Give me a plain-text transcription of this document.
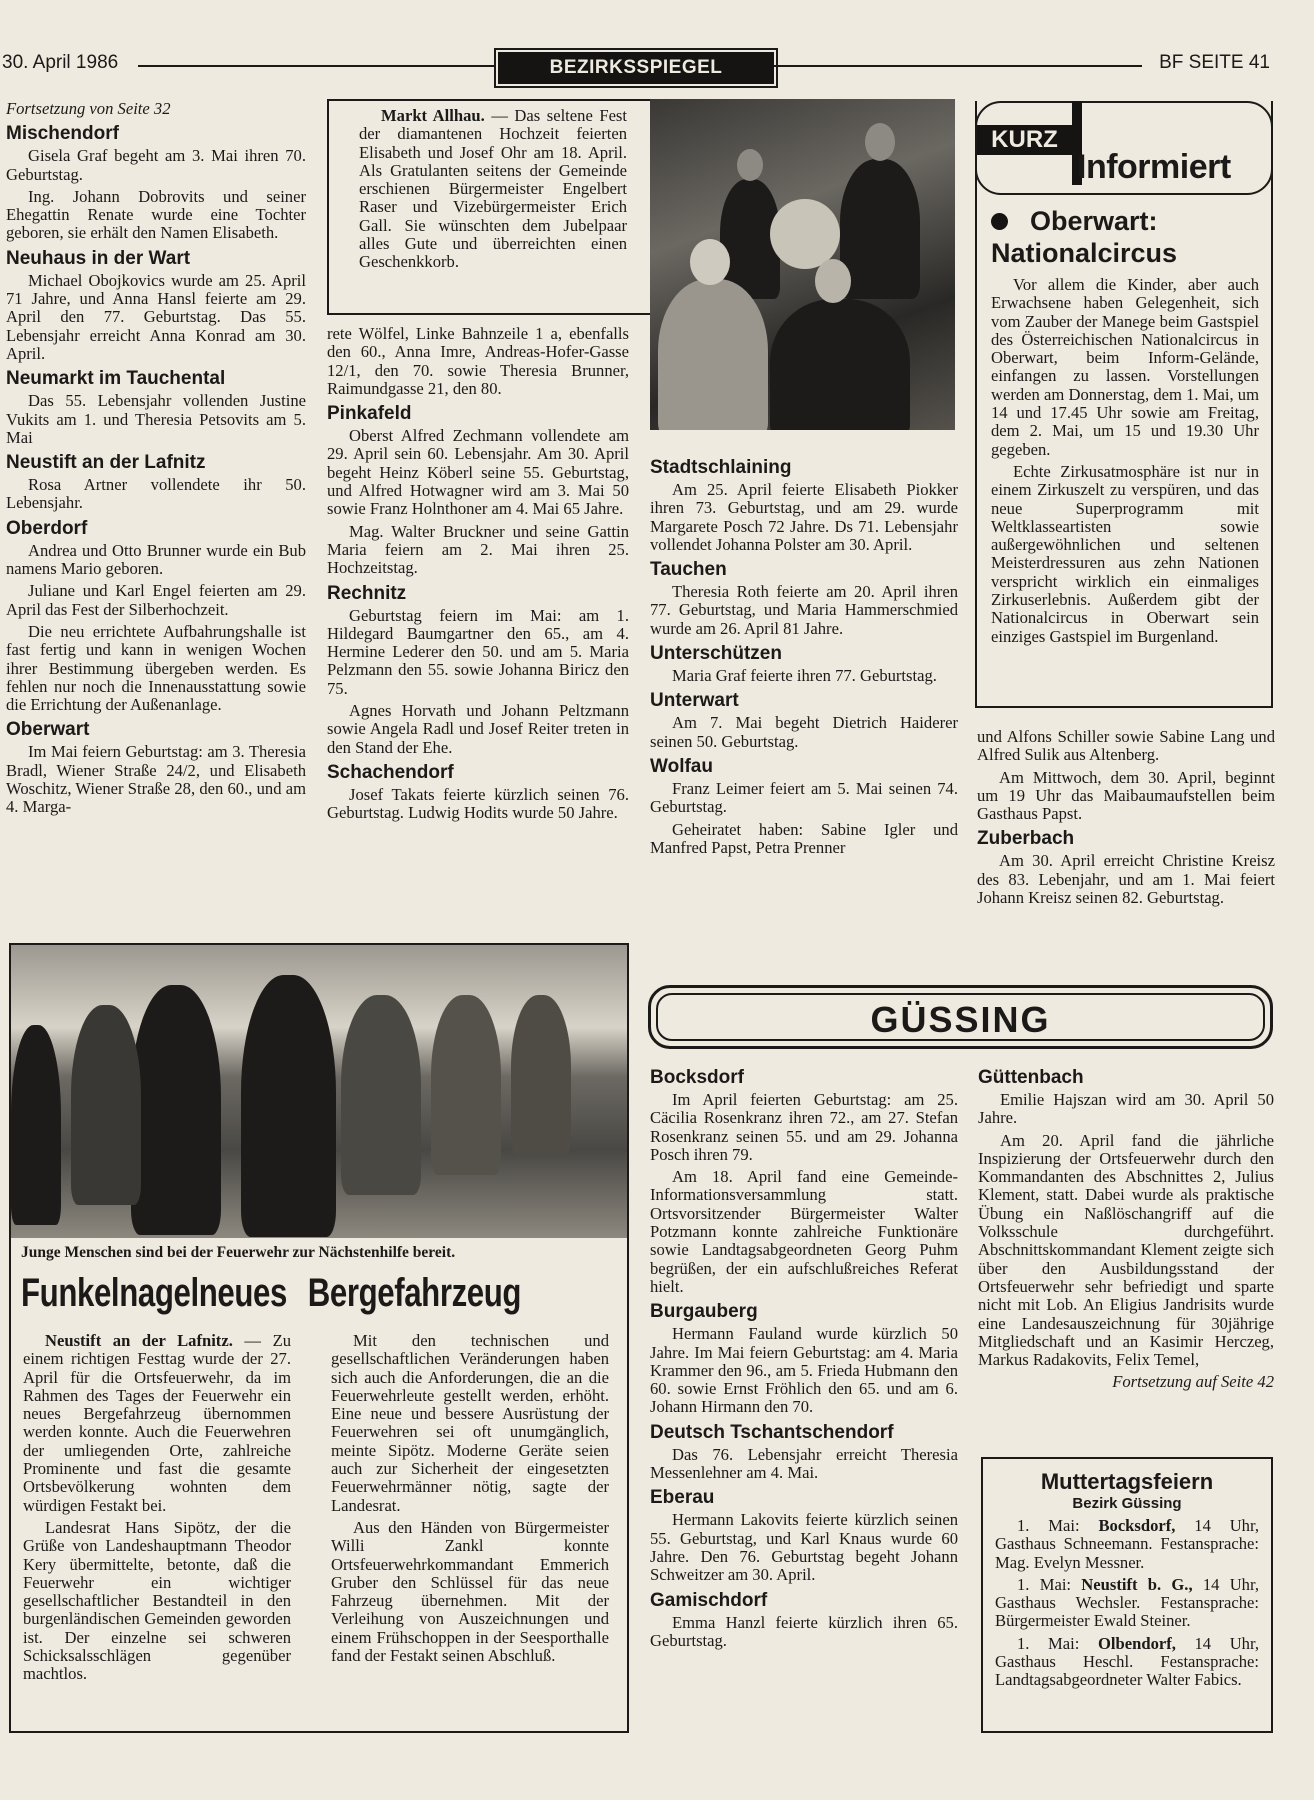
30. April 1986	BEZIRKSSPIEGEL	BF SEITE 41

Fortsetzung von Seite 32

Mischendorf

Gisela Graf begeht am 3. Mai ihren 70. Geburtstag.

Ing. Johann Dobrovits und seiner Ehegattin Renate wurde eine Tochter geboren, sie erhält den Namen Elisabeth.

Neuhaus in der Wart

Michael Obojkovics wurde am 25. April 71 Jahre, und Anna Hansl feierte am 29. April den 77. Geburtstag. Das 55. Lebensjahr erreicht Anna Konrad am 30. April.

Neumarkt im Tauchental

Das 55. Lebensjahr vollenden Justine Vukits am 1. und Theresia Petsovits am 5. Mai

Neustift an der Lafnitz

Rosa Artner vollendete ihr 50. Lebensjahr.

Oberdorf

Andrea und Otto Brunner wurde ein Bub namens Mario geboren.

Juliane und Karl Engel feierten am 29. April das Fest der Silberhochzeit.

Die neu errichtete Aufbahrungshalle ist fast fertig und kann in wenigen Wochen ihrer Bestimmung übergeben werden. Es fehlen nur noch die Innenausstattung sowie die Errichtung der Außenanlage.

Oberwart

Im Mai feiern Geburtstag: am 3. Theresia Bradl, Wiener Straße 24/2, und Elisabeth Woschitz, Wiener Straße 28, den 60., und am 4. Marga-

Markt Allhau. — Das seltene Fest der diamantenen Hochzeit feierten Elisabeth und Josef Ohr am 18. April. Als Gratulanten seitens der Gemeinde erschienen Bürgermeister Engelbert Raser und Vizebürgermeister Erich Gall. Sie wünschten dem Jubelpaar alles Gute und überreichten einen Geschenkkorb.

rete Wölfel, Linke Bahnzeile 1 a, ebenfalls den 60., Anna Imre, Andreas-Hofer-Gasse 12/1, den 70. sowie Theresia Brunner, Raimundgasse 21, den 80.

Pinkafeld

Oberst Alfred Zechmann vollendete am 29. April sein 60. Lebensjahr. Am 30. April begeht Heinz Köberl seine 55. Geburtstag, und Alfred Hotwagner wird am 3. Mai 50 sowie Franz Holnthoner am 4. Mai 65 Jahre.

Mag. Walter Bruckner und seine Gattin Maria feiern am 2. Mai ihren 25. Hochzeitstag.

Rechnitz

Geburtstag feiern im Mai: am 1. Hildegard Baumgartner den 65., am 4. Hermine Lederer den 50. und am 5. Maria Pelzmann den 55. sowie Johanna Biricz den 75.

Agnes Horvath und Johann Peltzmann sowie Angela Radl und Josef Reiter treten in den Stand der Ehe.

Schachendorf

Josef Takats feierte kürzlich seinen 76. Geburtstag. Ludwig Hodits wurde 50 Jahre.

Stadtschlaining

Am 25. April feierte Elisabeth Piokker ihren 73. Geburtstag, und am 29. wurde Margarete Posch 72 Jahre. Ds 71. Lebensjahr vollendet Johanna Polster am 30. April.

Tauchen

Theresia Roth feierte am 20. April ihren 77. Geburtstag, und Maria Hammerschmied wurde am 26. April 81 Jahre.

Unterschützen

Maria Graf feierte ihren 77. Geburtstag.

Unterwart

Am 7. Mai begeht Dietrich Haiderer seinen 50. Geburtstag.

Wolfau

Franz Leimer feiert am 5. Mai seinen 74. Geburtstag.

Geheiratet haben: Sabine Igler und Manfred Papst, Petra Prenner

KURZ
Informiert
Oberwart:
Nationalcircus

Vor allem die Kinder, aber auch Erwachsene haben Gelegenheit, sich vom Zauber der Manege beim Gastspiel des Österreichischen Nationalcircus in Oberwart, beim Inform-Gelände, einfangen zu lassen. Vorstellungen werden am Donnerstag, dem 1. Mai, um 14 und 17.45 Uhr sowie am Freitag, dem 2. Mai, um 15 und 19.30 Uhr gegeben.

Echte Zirkusatmosphäre ist nur in einem Zirkuszelt zu verspüren, und das neue Superprogramm mit Weltklasseartisten sowie außergewöhnlichen und seltenen Meisterdressuren aus zehn Nationen verspricht wirklich ein einmaliges Zirkuserlebnis. Außerdem gibt der Nationalcircus in Oberwart sein einziges Gastspiel im Burgenland.

und Alfons Schiller sowie Sabine Lang und Alfred Sulik aus Altenberg.

Am Mittwoch, dem 30. April, beginnt um 19 Uhr das Maibaumaufstellen beim Gasthaus Papst.

Zuberbach

Am 30. April erreicht Christine Kreisz des 83. Lebenjahr, und am 1. Mai feiert Johann Kreisz seinen 82. Geburtstag.

Junge Menschen sind bei der Feuerwehr zur Nächstenhilfe bereit.
Funkelnagelneues Bergefahrzeug

Neustift an der Lafnitz. — Zu einem richtigen Festtag wurde der 27. April für die Ortsfeuerwehr, da im Rahmen des Tages der Feuerwehr ein neues Bergefahrzeug übernommen werden konnte. Auch die Feuerwehren der umliegenden Orte, zahlreiche Prominente und fast die gesamte Ortsbevölkerung wohnten dem würdigen Festakt bei.

Landesrat Hans Sipötz, der die Grüße von Landeshauptmann Theodor Kery übermittelte, betonte, daß die Feuerwehr ein wichtiger gesellschaftlicher Bestandteil in den burgenländischen Gemeinden geworden ist. Der einzelne sei schweren Schicksalsschlägen gegenüber machtlos.

Mit den technischen und gesellschaftlichen Veränderungen haben sich auch die Anforderungen, die an die Feuerwehrleute gestellt werden, erhöht. Eine neue und bessere Ausrüstung der Feuerwehren sei oft unumgänglich, meinte Sipötz. Moderne Geräte seien auch zur Sicherheit der eingesetzten Feuerwehrmänner nötig, sagte der Landesrat.

Aus den Händen von Bürgermeister Willi Zankl konnte Ortsfeuerwehrkommandant Emmerich Gruber den Schlüssel für das neue Fahrzeug übernehmen. Mit der Verleihung von Auszeichnungen und einem Frühschoppen in der Seesporthalle fand der Festakt seinen Abschluß.

GÜSSING
Bocksdorf

Im April feierten Geburtstag: am 25. Cäcilia Rosenkranz ihren 72., am 27. Stefan Rosenkranz seinen 55. und am 29. Johanna Posch ihren 79.

Am 18. April fand eine Gemeinde-Informationsversammlung statt. Ortsvorsitzender Bürgermeister Walter Potzmann konnte zahlreiche Funktionäre sowie Landtagsabgeordneten Georg Puhm begrüßen, der ein aufschlußreiches Referat hielt.

Burgauberg

Hermann Fauland wurde kürzlich 50 Jahre. Im Mai feiern Geburtstag: am 4. Maria Krammer den 96., am 5. Frieda Hubmann den 60. sowie Ernst Fröhlich den 65. und am 6. Johann Hirmann den 70.

Deutsch Tschantschendorf

Das 76. Lebensjahr erreicht Theresia Messenlehner am 4. Mai.

Eberau

Hermann Lakovits feierte kürzlich seinen 55. Geburtstag, und Karl Knaus wurde 60 Jahre. Den 76. Geburtstag begeht Johann Schweitzer am 30. April.

Gamischdorf

Emma Hanzl feierte kürzlich ihren 65. Geburtstag.

Güttenbach

Emilie Hajszan wird am 30. April 50 Jahre.

Am 20. April fand die jährliche Inspizierung der Ortsfeuerwehr durch den Kommandanten des Abschnittes 2, Julius Klement, statt. Dabei wurde als praktische Übung ein Naßlöschangriff auf die Volksschule durchgeführt. Abschnittskommandant Klement zeigte sich über den Ausbildungsstand der Ortsfeuerwehr sehr befriedigt und sparte nicht mit Lob. An Eligius Jandrisits wurde eine Landesauszeichnung für 30jährige Mitgliedschaft und an Kasimir Herczeg, Markus Radakovits, Felix Temel,

Fortsetzung auf Seite 42

Muttertagsfeiern
Bezirk Güssing

1. Mai: Bocksdorf, 14 Uhr, Gasthaus Schneemann. Festansprache: Mag. Evelyn Messner.

1. Mai: Neustift b. G., 14 Uhr, Gasthaus Wechsler. Festansprache: Bürgermeister Ewald Steiner.

1. Mai: Olbendorf, 14 Uhr, Gasthaus Heschl. Festansprache: Landtagsabgeordneter Walter Fabics.
